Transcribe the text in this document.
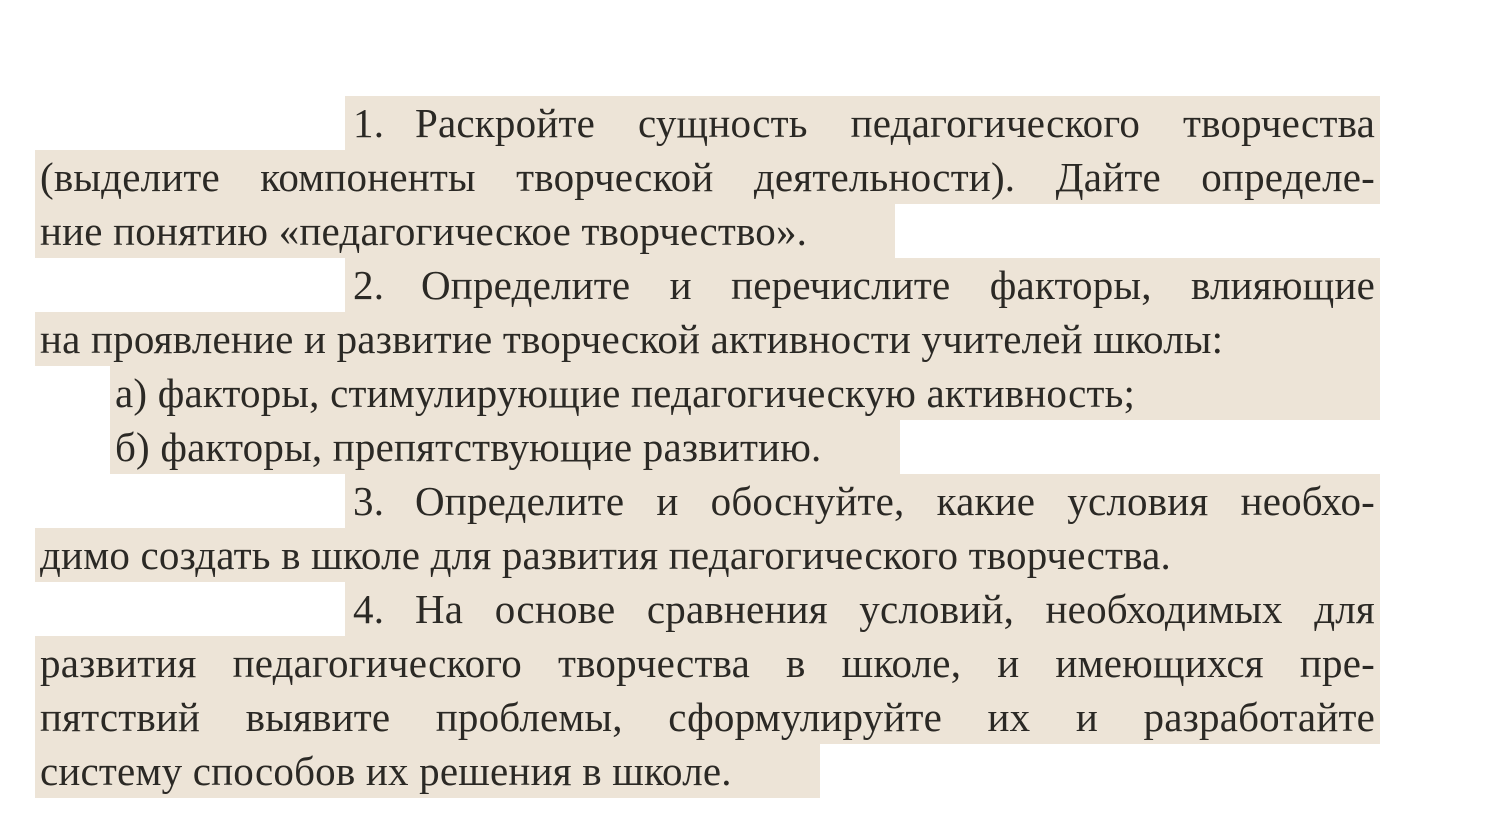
1. Раскройте сущность педагогического творчества
(выделите компоненты творческой деятельности). Дайте определе-
ние понятию «педагогическое творчество».
2. Определите и перечислите факторы, влияющие
на проявление и развитие творческой активности учителей школы:
а) факторы, стимулирующие педагогическую активность;
б) факторы, препятствующие развитию.
3. Определите и обоснуйте, какие условия необхо-
димо создать в школе для развития педагогического творчества.
4. На основе сравнения условий, необходимых для
развития педагогического творчества в школе, и имеющихся пре-
пятствий выявите проблемы, сформулируйте их и разработайте
систему способов их решения в школе.
